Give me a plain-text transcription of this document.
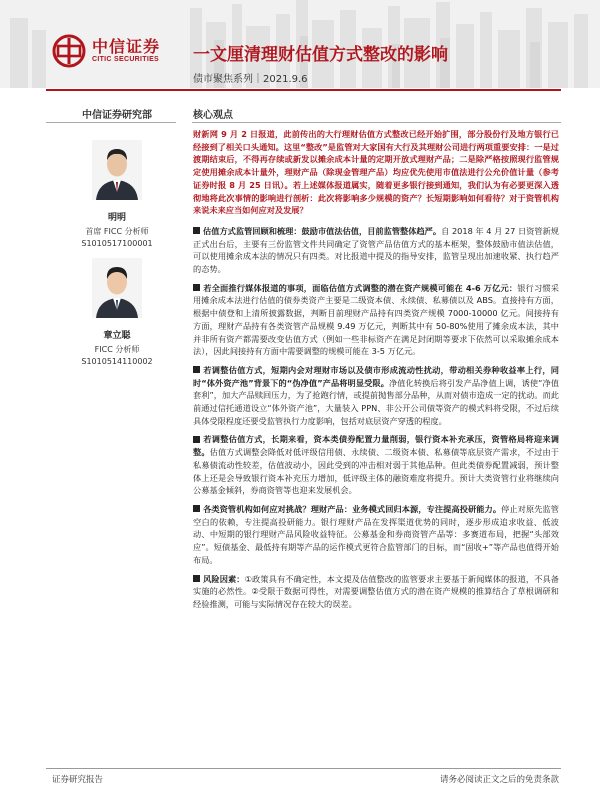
中信证券
CITIC SECURITIES 一文厘清理财估值方式整改的影响
债市聚焦系列｜2021.9.6
中信证券研究部	核心观点
明明
首席 FICC 分析师
S1010517100001
章立聪
FICC 分析师
S1010514110002

财新网 9 月 2 日报道，此前传出的大行理财估值方式整改已经开始扩围，部分股份行及地方银行已经接到了相关口头通知。这里“整改”是监管对大家国有大行及其理财公司进行两项重要安排：一是过渡期结束后，不得再存续或新发以摊余成本计量的定期开放式理财产品；二是除严格按照现行监管规定使用摊余成本计量外，理财产品（除现金管理产品）均应优先使用市值法进行公允价值计量（参考证券时报 8 月 25 日讯）。若上述媒体报道属实，随着更多银行接到通知，我们认为有必要更深入透彻地将此次事情的影响进行剖析：此次将影响多少规模的资产？长短期影响如何看待？对于资管机构来说未来应当如何应对及发展？

估值方式监管回顾和梳理：鼓励市值法估值，目前监管整体趋严。自 2018 年 4 月 27 日资管新规正式出台后，主要有三份监管文件共同确定了资管产品估值方式的基本框架，整体鼓励市值法估值，可以使用摊余成本法的情况只有四类。对比报道中提及的指导安排，监管呈现出加速收紧、执行趋严的态势。

若全面推行媒体报道的事项，面临估值方式调整的潜在资产规模可能在 4-6 万亿元：银行习惯采用摊余成本法进行估值的债券类资产主要是二级资本债、永续债、私募债以及 ABS。直接持有方面，根据中债登和上清所披露数据，判断目前理财产品持有四类资产规模 7000-10000 亿元。间接持有方面，理财产品持有各类资管产品规模 9.49 万亿元，判断其中有 50-80%使用了摊余成本法，其中并非所有资产都需要改变估值方式（例如一些非标资产在满足封闭期等要求下依然可以采取摊余成本法），因此间接持有方面中需要调整的规模可能在 3-5 万亿元。

若调整估值方式，短期内会对理财市场以及债市形成流动性扰动，带动相关券种收益率上行，同时“体外资产池”背景下的“伪净值”产品将明显受限。净值化转换后将引发产品净值上调，诱使“净值套利”，加大产品赎回压力，为了抢跑行情，或提前抛售部分品种，从而对债市造成一定的扰动。而此前通过信托通道设立“体外资产池”，大量装入 PPN、非公开公司债等资产的模式料将受限，不过后续具体受限程度还要受监管执行力度影响，包括对底层资产穿透的程度。

若调整估值方式，长期来看，资本类债券配置力量削弱，银行资本补充承压，资管格局将迎来调整。估值方式调整会降低对低评级信用债、永续债、二级资本债、私募债等底层资产需求，不过由于私募债流动性较差，估值波动小，因此受到的冲击相对弱于其他品种。但此类债券配置减弱，预计整体上还是会导致银行资本补充压力增加，低评级主体的融资难度将提升。预计大类资管行业将继续向公募基金倾斜，券商资管等也迎来发展机会。

各类资管机构如何应对挑战？理财产品：业务模式回归本源，专注提高投研能力。停止对原先监管空白的依赖，专注提高投研能力。银行理财产品在发挥渠道优势的同时，逐步形成追求收益、低波动、中短期的银行理财产品风险收益特征。公募基金和券商资管产品等：多赛道布局，把握“头部效应”。短债基金、最低持有期等产品的运作模式更符合监管部门的目标，而“固收+”等产品也值得开始布局。

风险因素：①政策具有不确定性，本文提及估值整改的监管要求主要基于新闻媒体的报道，不具备实施的必然性。②受限于数据可得性，对需要调整估值方式的潜在资产规模的推算结合了草根调研和经验推测，可能与实际情况存在较大的误差。

证券研究报告	请务必阅读正文之后的免责条款
